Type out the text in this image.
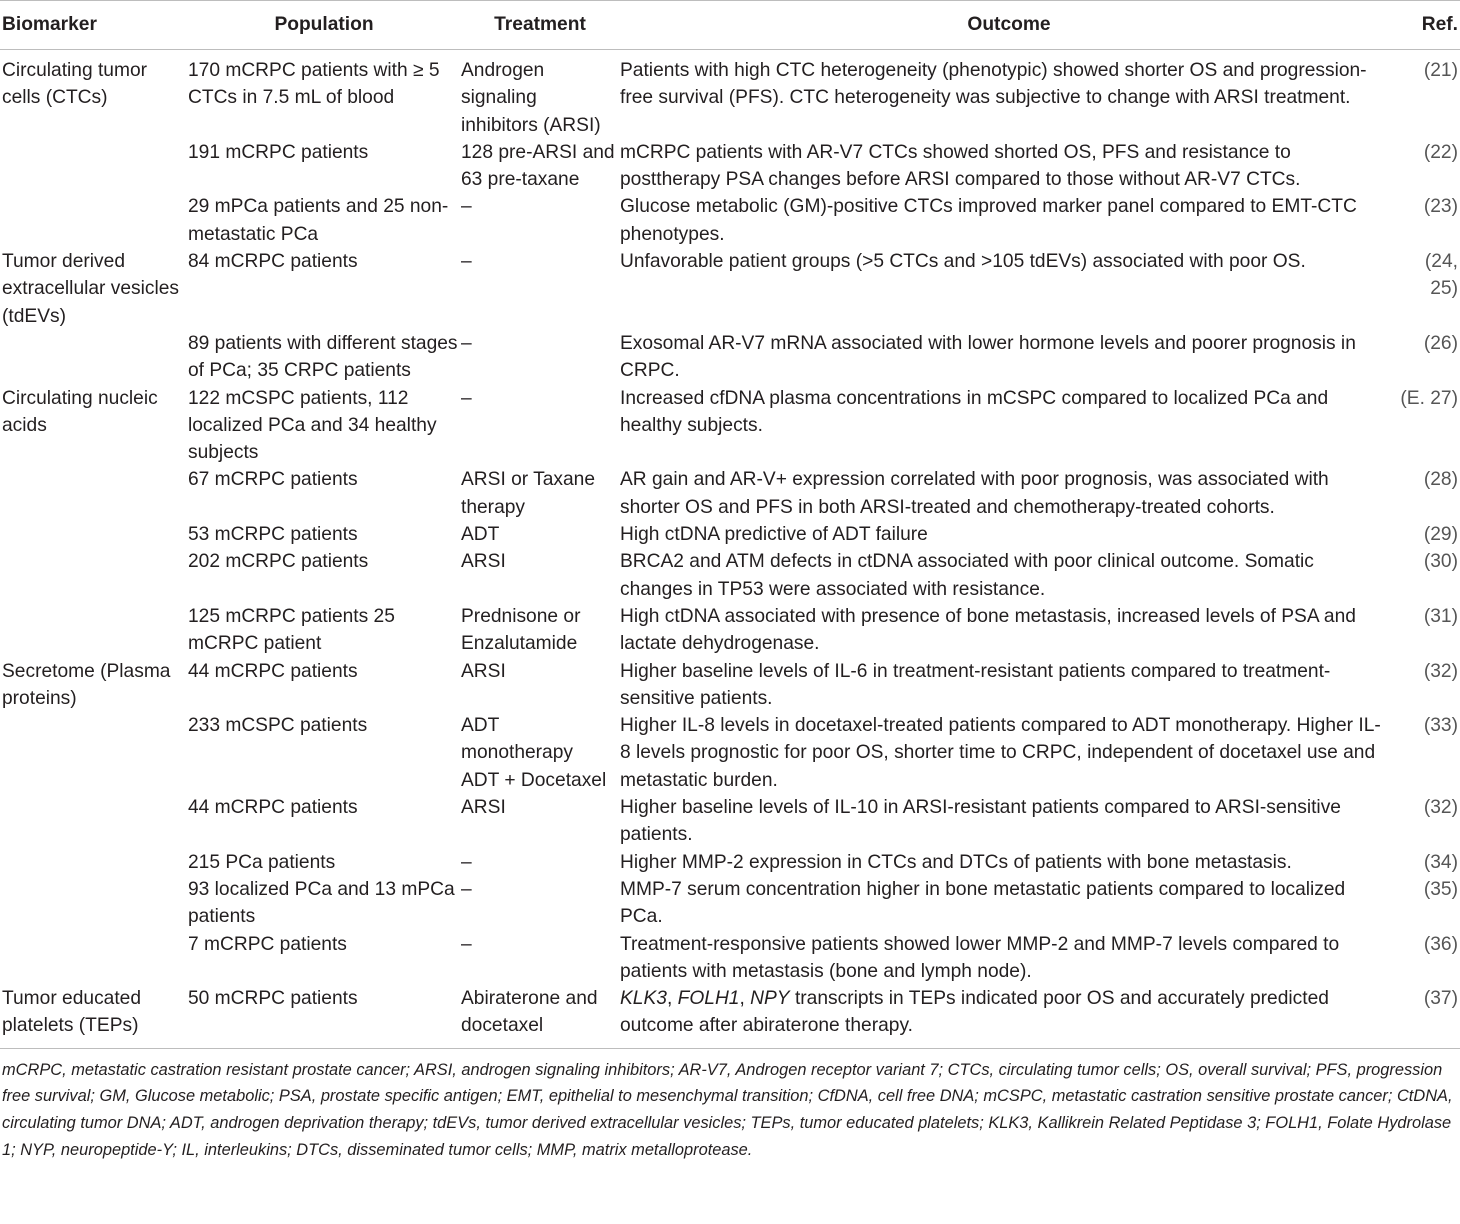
Biomarker	Population	Treatment	Outcome	Ref.
Circulating tumor cells (CTCs)	170 mCRPC patients with ≥ 5 CTCs in 7.5 mL of blood	Androgen signaling inhibitors (ARSI)	Patients with high CTC heterogeneity (phenotypic) showed shorter OS and progression-free survival (PFS). CTC heterogeneity was subjective to change with ARSI treatment.	(21)
	191 mCRPC patients	128 pre-ARSI and 63 pre-taxane	mCRPC patients with AR-V7 CTCs showed shorted OS, PFS and resistance to posttherapy PSA changes before ARSI compared to those without AR-V7 CTCs.	(22)
	29 mPCa patients and 25 non-metastatic PCa	–	Glucose metabolic (GM)-positive CTCs improved marker panel compared to EMT-CTC phenotypes.	(23)
Tumor derived extracellular vesicles (tdEVs)	84 mCRPC patients	–	Unfavorable patient groups (>5 CTCs and >105 tdEVs) associated with poor OS.	(24, 25)
	89 patients with different stages of PCa; 35 CRPC patients	–	Exosomal AR-V7 mRNA associated with lower hormone levels and poorer prognosis in CRPC.	(26)
Circulating nucleic acids	122 mCSPC patients, 112 localized PCa and 34 healthy subjects	–	Increased cfDNA plasma concentrations in mCSPC compared to localized PCa and healthy subjects.	(E. 27)
	67 mCRPC patients	ARSI or Taxane therapy	AR gain and AR-V+ expression correlated with poor prognosis, was associated with shorter OS and PFS in both ARSI-treated and chemotherapy-treated cohorts.	(28)
	53 mCRPC patients	ADT	High ctDNA predictive of ADT failure	(29)
	202 mCRPC patients	ARSI	BRCA2 and ATM defects in ctDNA associated with poor clinical outcome. Somatic changes in TP53 were associated with resistance.	(30)
	125 mCRPC patients 25 mCRPC patient	Prednisone or Enzalutamide	High ctDNA associated with presence of bone metastasis, increased levels of PSA and lactate dehydrogenase.	(31)
Secretome (Plasma proteins)	44 mCRPC patients	ARSI	Higher baseline levels of IL-6 in treatment-resistant patients compared to treatment-sensitive patients.	(32)
	233 mCSPC patients	ADT monotherapy ADT + Docetaxel	Higher IL-8 levels in docetaxel-treated patients compared to ADT monotherapy. Higher IL-8 levels prognostic for poor OS, shorter time to CRPC, independent of docetaxel use and metastatic burden.	(33)
	44 mCRPC patients	ARSI	Higher baseline levels of IL-10 in ARSI-resistant patients compared to ARSI-sensitive patients.	(32)
	215 PCa patients	–	Higher MMP-2 expression in CTCs and DTCs of patients with bone metastasis.	(34)
	93 localized PCa and 13 mPCa patients	–	MMP-7 serum concentration higher in bone metastatic patients compared to localized PCa.	(35)
	7 mCRPC patients	–	Treatment-responsive patients showed lower MMP-2 and MMP-7 levels compared to patients with metastasis (bone and lymph node).	(36)
Tumor educated platelets (TEPs)	50 mCRPC patients	Abiraterone and docetaxel	KLK3, FOLH1, NPY transcripts in TEPs indicated poor OS and accurately predicted outcome after abiraterone therapy.	(37)
mCRPC, metastatic castration resistant prostate cancer; ARSI, androgen signaling inhibitors; AR-V7, Androgen receptor variant 7; CTCs, circulating tumor cells; OS, overall survival; PFS, progression free survival; GM, Glucose metabolic; PSA, prostate specific antigen; EMT, epithelial to mesenchymal transition; CfDNA, cell free DNA; mCSPC, metastatic castration sensitive prostate cancer; CtDNA, circulating tumor DNA; ADT, androgen deprivation therapy; tdEVs, tumor derived extracellular vesicles; TEPs, tumor educated platelets; KLK3, Kallikrein Related Peptidase 3; FOLH1, Folate Hydrolase 1; NYP, neuropeptide-Y; IL, interleukins; DTCs, disseminated tumor cells; MMP, matrix metalloprotease.
